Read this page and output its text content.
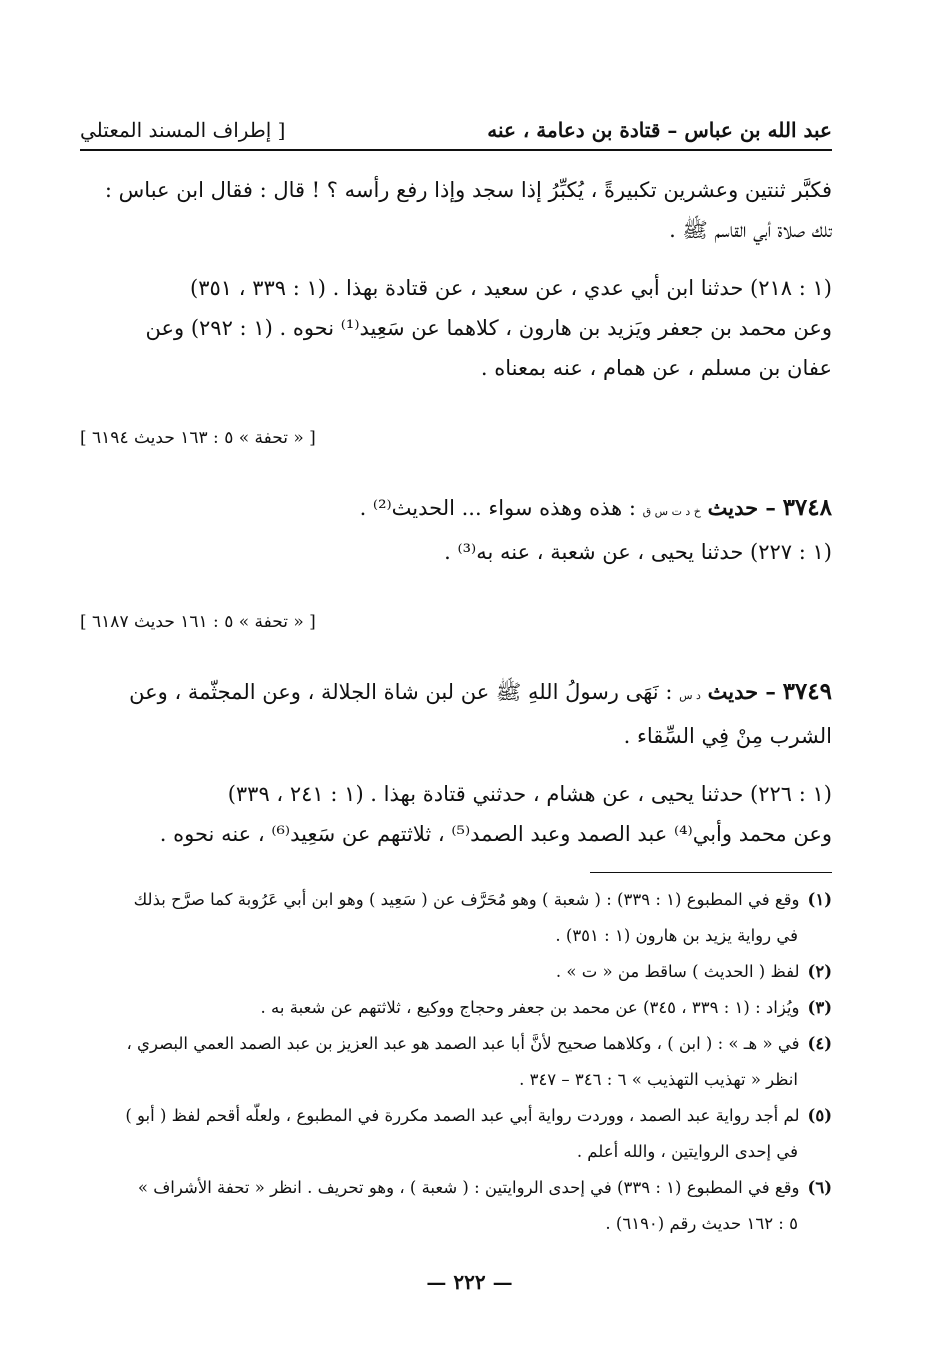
عبد الله بن عباس – قتادة بن دعامة ، عنه
[ إطراف المسند المعتلي

فكبَّر ثنتين وعشرين تكبيرةً ، يُكبِّرُ إذا سجد وإذا رفع رأسه ؟ ! قال : فقال ابن عباس :

تلك صلاة أبي القاسم ﷺ .

(١ : ٢١٨) حدثنا ابن أبي عدي ، عن سعيد ، عن قتادة بهذا . (١ : ٣٣٩ ، ٣٥١)

وعن محمد بن جعفر ويَزيد بن هارون ، كلاهما عن سَعِيد⁽¹⁾ نحوه . (١ : ٢٩٢) وعن

عفان بن مسلم ، عن همام ، عنه بمعناه .

[ « تحفة » ٥ : ١٦٣ حديث ٦١٩٤ ]

٣٧٤٨ – حديث خ د ت س ق : هذه وهذه سواء ... الحديث⁽²⁾ .

(١ : ٢٢٧) حدثنا يحيى ، عن شعبة ، عنه به⁽³⁾ .

[ « تحفة » ٥ : ١٦١ حديث ٦١٨٧ ]

٣٧٤٩ – حديث د س : نَهَى رسولُ اللهِ ﷺ عن لبن شاة الجلالة ، وعن المجثّمة ، وعن

الشرب مِنْ فِي السِّقاء .

(١ : ٢٢٦) حدثنا يحيى ، عن هشام ، حدثني قتادة بهذا . (١ : ٢٤١ ، ٣٣٩)

وعن محمد وأبي⁽⁴⁾ عبد الصمد وعبد الصمد⁽⁵⁾ ، ثلاثتهم عن سَعِيد⁽⁶⁾ ، عنه نحوه .

(١)وقع في المطبوع (١ : ٣٣٩) : ( شعبة ) وهو مُحَرَّف عن ( سَعِيد ) وهو ابن أبي عَرُوبة كما صرَّح بذلك

في رواية يزيد بن هارون (١ : ٣٥١) .

(٢)لفظ ( الحديث ) ساقط من « ت » .

(٣)ويُزاد : (١ : ٣٣٩ ، ٣٤٥) عن محمد بن جعفر وحجاج ووكيع ، ثلاثتهم عن شعبة به .

(٤)في « هـ » : ( ابن ) ، وكلاهما صحيح لأنَّ أبا عبد الصمد هو عبد العزيز بن عبد الصمد العمي البصري ،

انظر « تهذيب التهذيب » ٦ : ٣٤٦ – ٣٤٧ .

(٥)لم أجد رواية عبد الصمد ، ووردت رواية أبي عبد الصمد مكررة في المطبوع ، ولعلّه أقحم لفظ ( أبو )

في إحدى الروايتين ، والله أعلم .

(٦)وقع في المطبوع (١ : ٣٣٩) في إحدى الروايتين : ( شعبة ) ، وهو تحريف . انظر « تحفة الأشراف »

٥ : ١٦٢ حديث رقم (٦١٩٠) .

— ٢٢٢ —
